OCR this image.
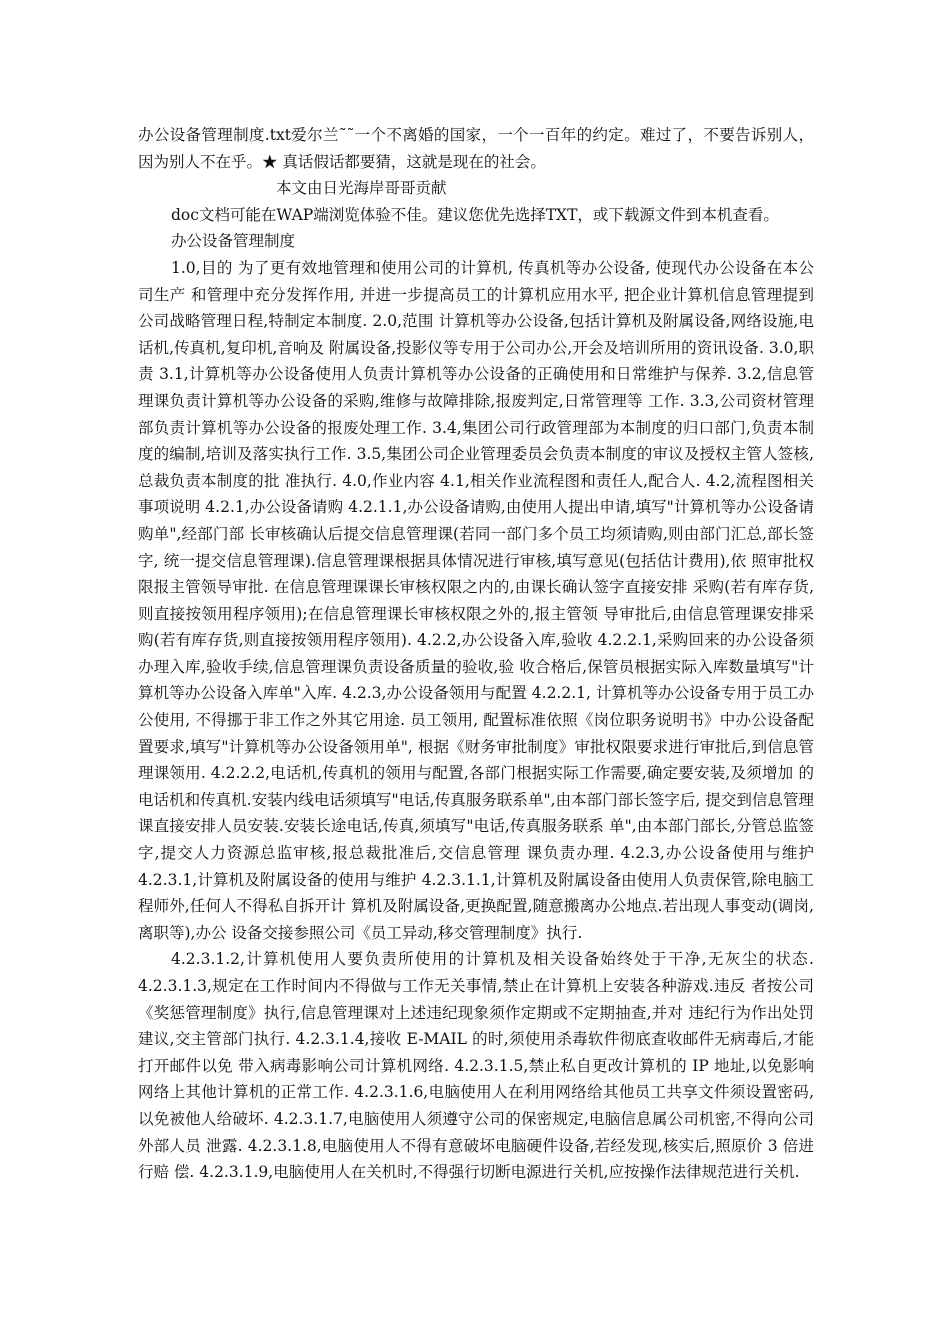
办公设备管理制度.txt爱尔兰˜˜一个不离婚的国家，一个一百年的约定。难过了，不要告诉别人，因为别人不在乎。★ 真话假话都要猜，这就是现在的社会。

本文由日光海岸哥哥贡献

doc文档可能在WAP端浏览体验不佳。建议您优先选择TXT，或下载源文件到本机查看。

办公设备管理制度

1.0,目的 为了更有效地管理和使用公司的计算机, 传真机等办公设备, 使现代办公设备在本公司生产 和管理中充分发挥作用, 并进一步提高员工的计算机应用水平, 把企业计算机信息管理提到 公司战略管理日程,特制定本制度. 2.0,范围 计算机等办公设备,包括计算机及附属设备,网络设施,电话机,传真机,复印机,音响及 附属设备,投影仪等专用于公司办公,开会及培训所用的资讯设备. 3.0,职责 3.1,计算机等办公设备使用人负责计算机等办公设备的正确使用和日常维护与保养. 3.2,信息管理课负责计算机等办公设备的采购,维修与故障排除,报废判定,日常管理等 工作. 3.3,公司资材管理部负责计算机等办公设备的报废处理工作. 3.4,集团公司行政管理部为本制度的归口部门,负责本制度的编制,培训及落实执行工作. 3.5,集团公司企业管理委员会负责本制度的审议及授权主管人签核,总裁负责本制度的批 准执行. 4.0,作业内容 4.1,相关作业流程图和责任人,配合人. 4.2,流程图相关事项说明 4.2.1,办公设备请购 4.2.1.1,办公设备请购,由使用人提出申请,填写"计算机等办公设备请购单",经部门部 长审核确认后提交信息管理课(若同一部门多个员工均须请购,则由部门汇总,部长签字, 统一提交信息管理课).信息管理课根据具体情况进行审核,填写意见(包括估计费用),依 照审批权限报主管领导审批. 在信息管理课课长审核权限之内的,由课长确认签字直接安排 采购(若有库存货,则直接按领用程序领用);在信息管理课长审核权限之外的,报主管领 导审批后,由信息管理课安排采购(若有库存货,则直接按领用程序领用). 4.2.2,办公设备入库,验收 4.2.2.1,采购回来的办公设备须办理入库,验收手续,信息管理课负责设备质量的验收,验 收合格后,保管员根据实际入库数量填写"计算机等办公设备入库单"入库. 4.2.3,办公设备领用与配置 4.2.2.1, 计算机等办公设备专用于员工办公使用, 不得挪于非工作之外其它用途. 员工领用, 配置标准依照《岗位职务说明书》中办公设备配置要求,填写"计算机等办公设备领用单", 根据《财务审批制度》审批权限要求进行审批后,到信息管理课领用. 4.2.2.2,电话机,传真机的领用与配置,各部门根据实际工作需要,确定要安装,及须增加 的电话机和传真机.安装内线电话须填写"电话,传真服务联系单",由本部门部长签字后, 提交到信息管理课直接安排人员安装.安装长途电话,传真,须填写"电话,传真服务联系 单",由本部门部长,分管总监签字,提交人力资源总监审核,报总裁批准后,交信息管理 课负责办理. 4.2.3,办公设备使用与维护 4.2.3.1,计算机及附属设备的使用与维护 4.2.3.1.1,计算机及附属设备由使用人负责保管,除电脑工程师外,任何人不得私自拆开计 算机及附属设备,更换配置,随意搬离办公地点.若出现人事变动(调岗,离职等),办公 设备交接参照公司《员工异动,移交管理制度》执行.

4.2.3.1.2,计算机使用人要负责所使用的计算机及相关设备始终处于干净,无灰尘的状态. 4.2.3.1.3,规定在工作时间内不得做与工作无关事情,禁止在计算机上安装各种游戏.违反 者按公司《奖惩管理制度》执行,信息管理课对上述违纪现象须作定期或不定期抽查,并对 违纪行为作出处罚建议,交主管部门执行. 4.2.3.1.4,接收 E-MAIL 的时,须使用杀毒软件彻底查收邮件无病毒后,才能打开邮件以免 带入病毒影响公司计算机网络. 4.2.3.1.5,禁止私自更改计算机的 IP 地址,以免影响网络上其他计算机的正常工作. 4.2.3.1.6,电脑使用人在利用网络给其他员工共享文件须设置密码,以免被他人给破坏. 4.2.3.1.7,电脑使用人须遵守公司的保密规定,电脑信息属公司机密,不得向公司外部人员 泄露. 4.2.3.1.8,电脑使用人不得有意破坏电脑硬件设备,若经发现,核实后,照原价 3 倍进行赔 偿. 4.2.3.1.9,电脑使用人在关机时,不得强行切断电源进行关机,应按操作法律规范进行关机.
